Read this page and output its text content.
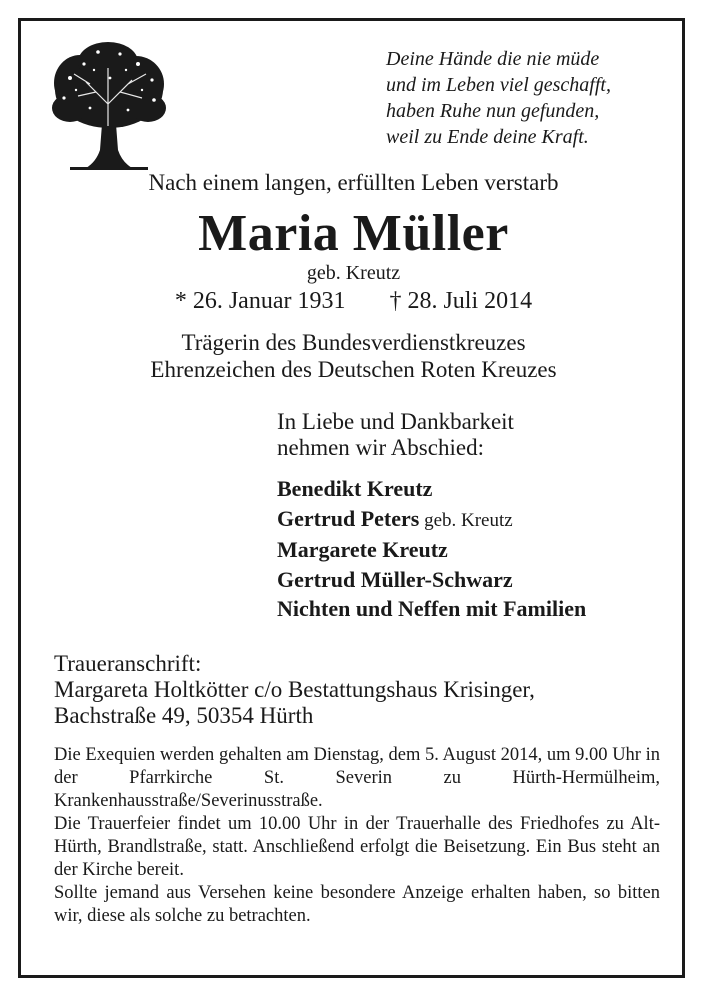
Deine Hände die nie müde
und im Leben viel geschafft,
haben Ruhe nun gefunden,
weil zu Ende deine Kraft.
Nach einem langen, erfüllten Leben verstarb
Maria Müller
geb. Kreutz
* 26. Januar 1931 † 28. Juli 2014
Trägerin des Bundesverdienstkreuzes
Ehrenzeichen des Deutschen Roten Kreuzes
In Liebe und Dankbarkeit
nehmen wir Abschied:
Benedikt Kreutz
Gertrud Peters geb. Kreutz
Margarete Kreutz
Gertrud Müller-Schwarz
Nichten und Neffen mit Familien
Traueranschrift:
Margareta Holtkötter c/o Bestattungshaus Krisinger,
Bachstraße 49, 50354 Hürth

Die Exequien werden gehalten am Dienstag, dem 5. August 2014, um 9.00 Uhr in der Pfarrkirche St. Severin zu Hürth-Hermülheim, Krankenhausstraße/Severinusstraße.

Die Trauerfeier findet um 10.00 Uhr in der Trauerhalle des Friedhofes zu Alt-Hürth, Brandlstraße, statt. Anschließend erfolgt die Beisetzung. Ein Bus steht an der Kirche bereit.

Sollte jemand aus Versehen keine besondere Anzeige erhalten haben, so bitten wir, diese als solche zu betrachten.
